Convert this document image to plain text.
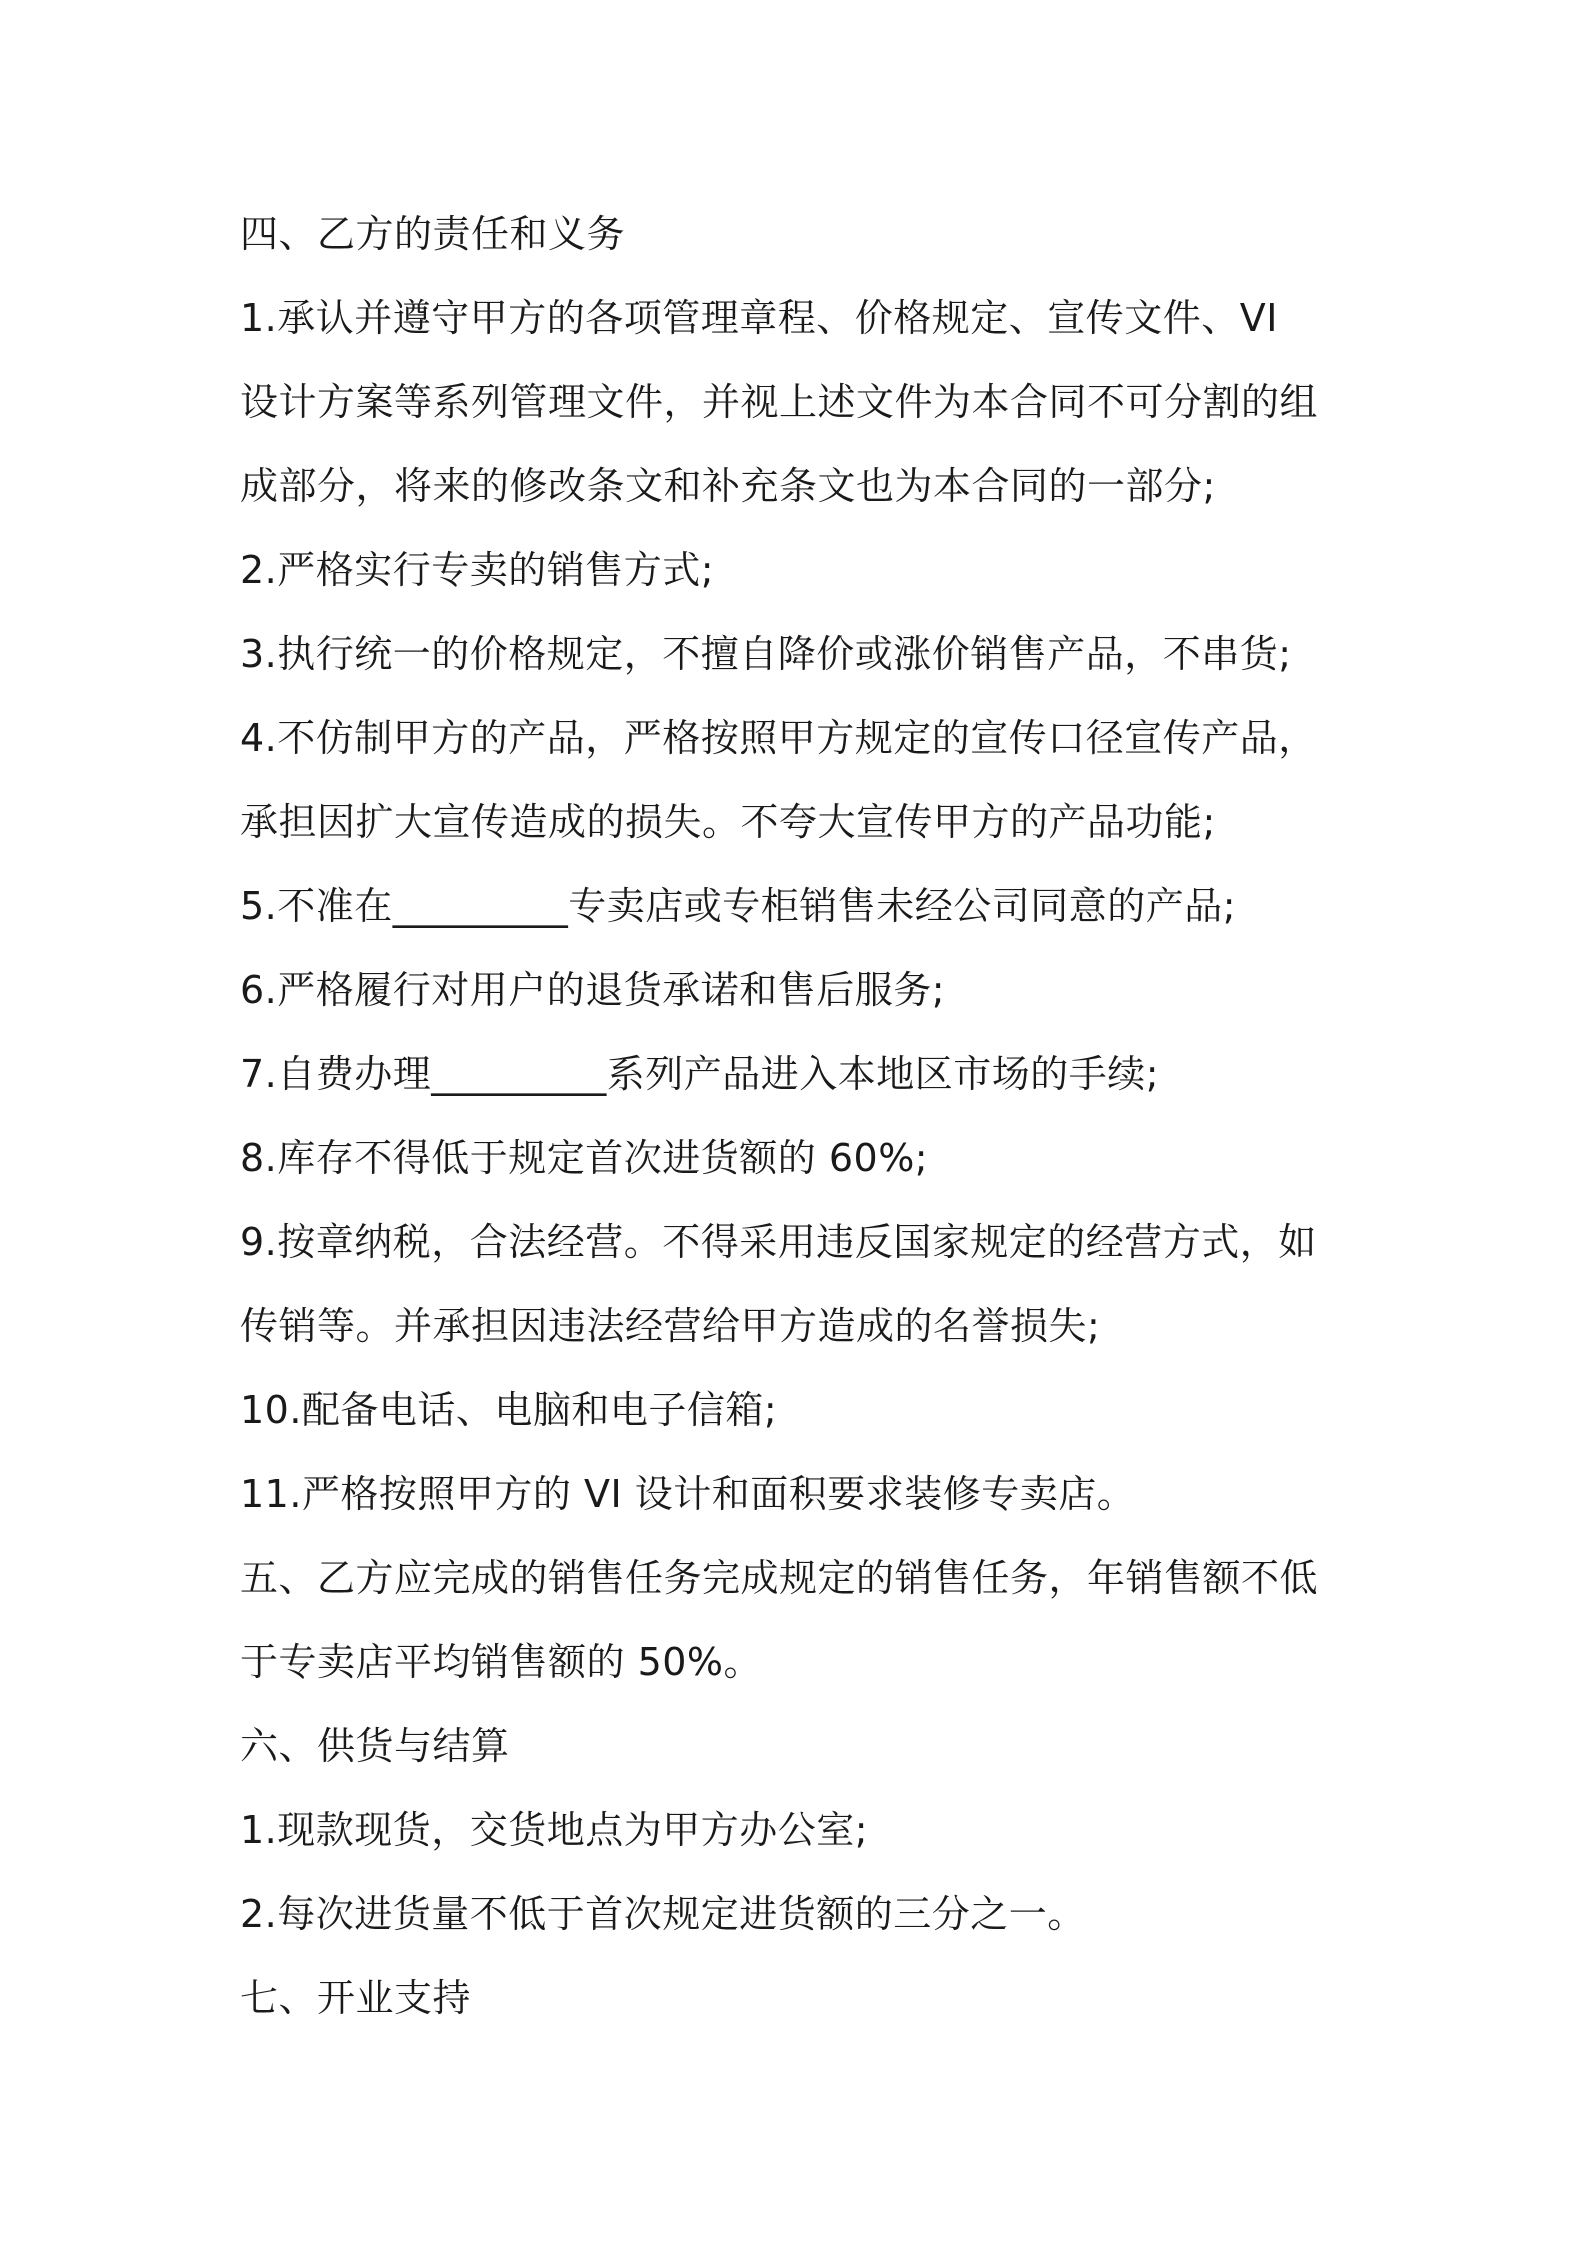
四、乙方的责任和义务
1.承认并遵守甲方的各项管理章程、价格规定、宣传文件、VI
设计方案等系列管理文件，并视上述文件为本合同不可分割的组
成部分，将来的修改条文和补充条文也为本合同的一部分;
2.严格实行专卖的销售方式;
3.执行统一的价格规定，不擅自降价或涨价销售产品，不串货;
4.不仿制甲方的产品，严格按照甲方规定的宣传口径宣传产品，
承担因扩大宣传造成的损失。不夸大宣传甲方的产品功能;
5.不准在_________专卖店或专柜销售未经公司同意的产品;
6.严格履行对用户的退货承诺和售后服务;
7.自费办理_________系列产品进入本地区市场的手续;
8.库存不得低于规定首次进货额的 60%;
9.按章纳税，合法经营。不得采用违反国家规定的经营方式，如
传销等。并承担因违法经营给甲方造成的名誉损失;
10.配备电话、电脑和电子信箱;
11.严格按照甲方的 VI 设计和面积要求装修专卖店。
五、乙方应完成的销售任务完成规定的销售任务，年销售额不低
于专卖店平均销售额的 50%。
六、供货与结算
1.现款现货，交货地点为甲方办公室;
2.每次进货量不低于首次规定进货额的三分之一。
七、开业支持
